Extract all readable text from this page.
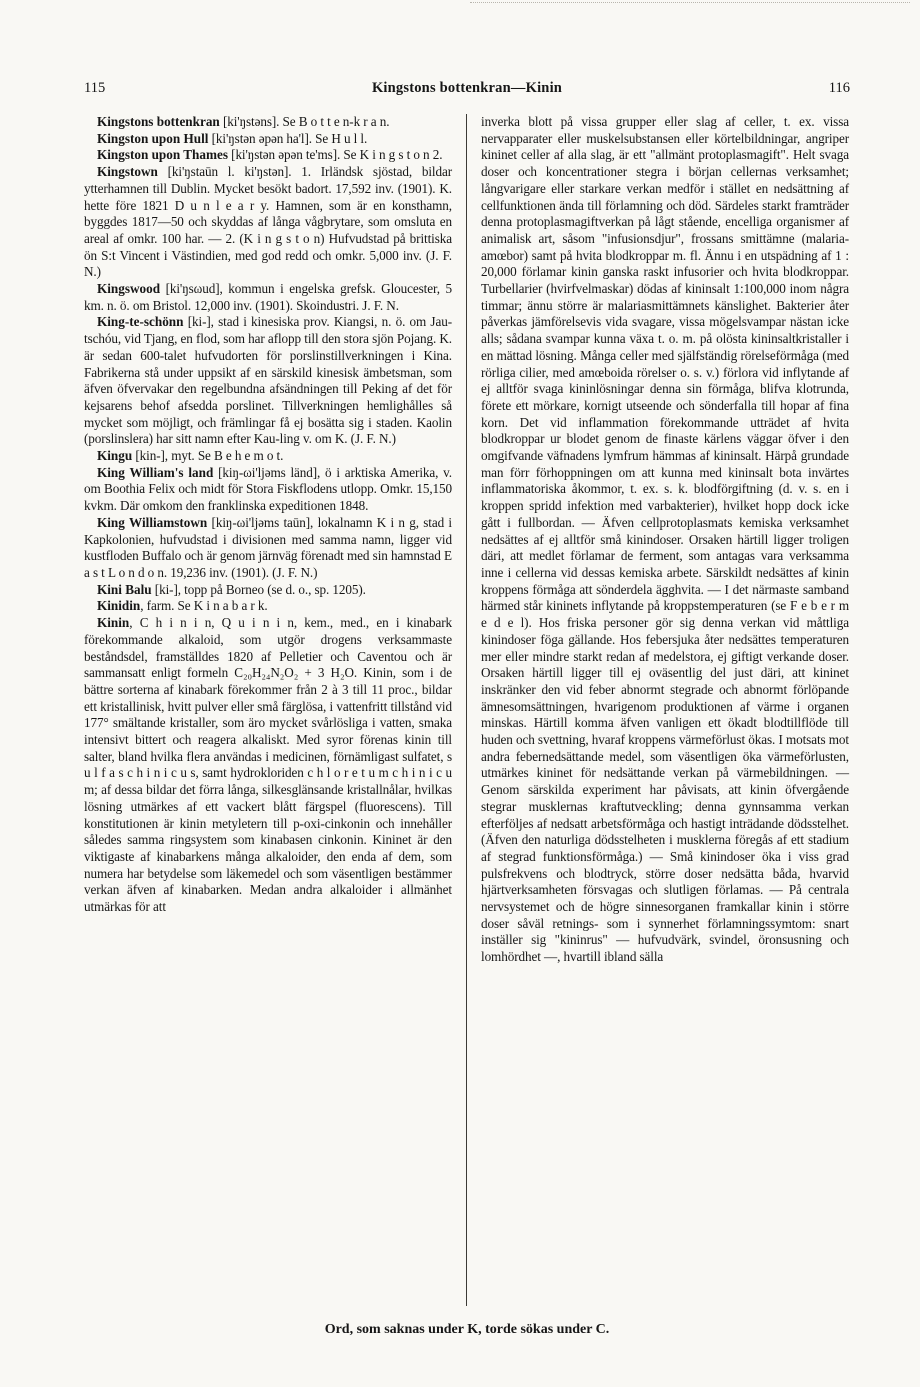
115	Kingstons bottenkran—Kinin	116

Kingstons bottenkran [ki'ŋstəns]. Se B o t t e n-k r a n.

Kingston upon Hull [ki'ŋstən əpən ha'l]. Se H u l l.

Kingston upon Thames [ki'ŋstən əpən te'ms]. Se K i n g s t o n 2.

Kingstown [ki'ŋstaūn l. ki'ŋstən]. 1. Irländsk sjöstad, bildar ytterhamnen till Dublin. Mycket besökt badort. 17,592 inv. (1901). K. hette före 1821 D u n l e a r y. Hamnen, som är en konsthamn, byggdes 1817—50 och skyddas af långa vågbrytare, som omsluta en areal af omkr. 100 har. — 2. (K i n g s t o n) Hufvudstad på brittiska ön S:t Vincent i Västindien, med god redd och omkr. 5,000 inv. (J. F. N.)

Kingswood [ki'ŋsωud], kommun i engelska grefsk. Gloucester, 5 km. n. ö. om Bristol. 12,000 inv. (1901). Skoindustri. J. F. N.

King-te-schönn [ki-], stad i kinesiska prov. Kiangsi, n. ö. om Jau-tschóu, vid Tjang, en flod, som har aflopp till den stora sjön Pojang. K. är sedan 600-talet hufvudorten för porslinstillverkningen i Kina. Fabrikerna stå under uppsikt af en särskild kinesisk ämbetsman, som äfven öfvervakar den regelbundna afsändningen till Peking af det för kejsarens behof afsedda porslinet. Tillverkningen hemlighålles så mycket som möjligt, och främlingar få ej bosätta sig i staden. Kaolin (porslinslera) har sitt namn efter Kau-ling v. om K. (J. F. N.)

Kingu [kin-], myt. Se B e h e m o t.

King William's land [kiŋ-ωi'ljəms länd], ö i arktiska Amerika, v. om Boothia Felix och midt för Stora Fiskflodens utlopp. Omkr. 15,150 kvkm. Där omkom den franklinska expeditionen 1848.

King Williamstown [kiŋ-ωi'ljəms taūn], lokalnamn K i n g, stad i Kapkolonien, hufvudstad i divisionen med samma namn, ligger vid kustfloden Buffalo och är genom järnväg förenadt med sin hamnstad E a s t L o n d o n. 19,236 inv. (1901). (J. F. N.)

Kini Balu [ki-], topp på Borneo (se d. o., sp. 1205).

Kinidin, farm. Se K i n a b a r k.

Kinin, C h i n i n, Q u i n i n, kem., med., en i kinabark förekommande alkaloid, som utgör drogens verksammaste beståndsdel, framställdes 1820 af Pelletier och Caventou och är sammansatt enligt formeln C₂₀H₂₄N₂O₂ + 3 H₂O. Kinin, som i de bättre sorterna af kinabark förekommer från 2 à 3 till 11 proc., bildar ett kristallinisk, hvitt pulver eller små färglösa, i vattenfritt tillstånd vid 177° smältande kristaller, som äro mycket svårlösliga i vatten, smaka intensivt bittert och reagera alkaliskt. Med syror förenas kinin till salter, bland hvilka flera användas i medicinen, förnämligast sulfatet, s u l f a s c h i n i c u s, samt hydrokloriden c h l o r e t u m c h i n i c u m; af dessa bildar det förra långa, silkesglänsande kristallnålar, hvilkas lösning utmärkes af ett vackert blått färgspel (fluorescens). Till konstitutionen är kinin metyletern till p-oxi-cinkonin och innehåller således samma ringsystem som kinabasen cinkonin. Kininet är den viktigaste af kinabarkens många alkaloider, den enda af dem, som numera har betydelse som läkemedel och som väsentligen bestämmer verkan äfven af kinabarken. Medan andra alkaloider i allmänhet utmärkas för att

inverka blott på vissa grupper eller slag af celler, t. ex. vissa nervapparater eller muskelsubstansen eller körtelbildningar, angriper kininet celler af alla slag, är ett "allmänt protoplasmagift". Helt svaga doser och koncentrationer stegra i början cellernas verksamhet; långvarigare eller starkare verkan medför i stället en nedsättning af cellfunktionen ända till förlamning och död. Särdeles starkt framträder denna protoplasmagiftverkan på lågt stående, encelliga organismer af animalisk art, såsom "infusionsdjur", frossans smittämne (malaria-amœbor) samt på hvita blodkroppar m. fl. Ännu i en utspädning af 1 : 20,000 förlamar kinin ganska raskt infusorier och hvita blodkroppar. Turbellarier (hvirfvelmaskar) dödas af kininsalt 1:100,000 inom några timmar; ännu större är malariasmittämnets känslighet. Bakterier åter påverkas jämförelsevis vida svagare, vissa mögelsvampar nästan icke alls; sådana svampar kunna växa t. o. m. på olösta kininsaltkristaller i en mättad lösning. Många celler med själfständig rörelseförmåga (med rörliga cilier, med amœboida rörelser o. s. v.) förlora vid inflytande af ej alltför svaga kininlösningar denna sin förmåga, blifva klotrunda, förete ett mörkare, kornigt utseende och sönderfalla till hopar af fina korn. Det vid inflammation förekommande utträdet af hvita blodkroppar ur blodet genom de finaste kärlens väggar öfver i den omgifvande väfnadens lymfrum hämmas af kininsalt. Härpå grundade man förr förhoppningen om att kunna med kininsalt bota invärtes inflammatoriska åkommor, t. ex. s. k. blodförgiftning (d. v. s. en i kroppen spridd infektion med varbakterier), hvilket hopp dock icke gått i fullbordan. — Äfven cellprotoplasmats kemiska verksamhet nedsättes af ej alltför små kinindoser. Orsaken härtill ligger troligen däri, att medlet förlamar de ferment, som antagas vara verksamma inne i cellerna vid dessas kemiska arbete. Särskildt nedsättes af kinin kroppens förmåga att sönderdela ägghvita. — I det närmaste samband härmed står kininets inflytande på kroppstemperaturen (se F e b e r m e d e l). Hos friska personer gör sig denna verkan vid måttliga kinindoser föga gällande. Hos febersjuka åter nedsättes temperaturen mer eller mindre starkt redan af medelstora, ej giftigt verkande doser. Orsaken härtill ligger till ej oväsentlig del just däri, att kininet inskränker den vid feber abnormt stegrade och abnormt förlöpande ämnesomsättningen, hvarigenom produktionen af värme i organen minskas. Härtill komma äfven vanligen ett ökadt blodtillflöde till huden och svettning, hvaraf kroppens värmeförlust ökas. I motsats mot andra febernedsättande medel, som väsentligen öka värmeförlusten, utmärkes kininet för nedsättande verkan på värmebildningen. — Genom särskilda experiment har påvisats, att kinin öfvergående stegrar musklernas kraftutveckling; denna gynnsamma verkan efterföljes af nedsatt arbetsförmåga och hastigt inträdande dödsstelhet. (Äfven den naturliga dödsstelheten i musklerna föregås af ett stadium af stegrad funktionsförmåga.) — Små kinindoser öka i viss grad pulsfrekvens och blodtryck, större doser nedsätta båda, hvarvid hjärtverksamheten försvagas och slutligen förlamas. — På centrala nervsystemet och de högre sinnesorganen framkallar kinin i större doser såväl retnings- som i synnerhet förlamningssymtom: snart inställer sig "kininrus" — hufvudvärk, svindel, öronsusning och lomhördhet —, hvartill ibland sälla

Ord, som saknas under K, torde sökas under C.
